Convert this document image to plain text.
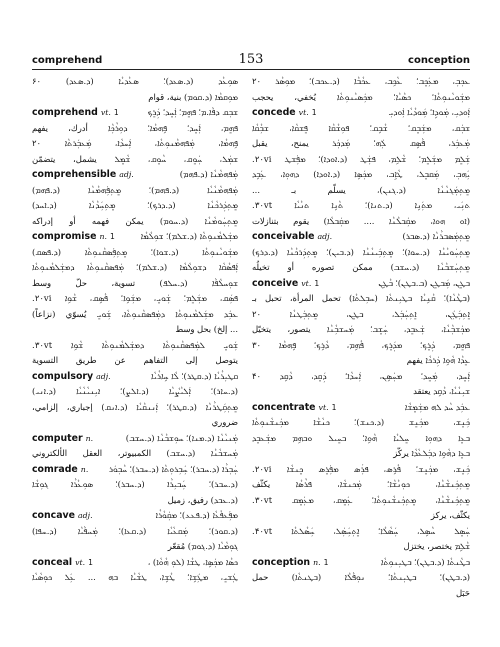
comprehend	153	conception
ܣܘܼܥܵܕ (ܕ.ܣܥܕ)؛ ܣܥܵܕܝܵܐ (ܕ.ܣܥܕ) ۶۰
ܡܘܼܩܡܵܐ (ܕ.ܩܘܡ) بنية، قوام
comprehend vt. 1	ܫܒܼܩ ܕܦܵܐ.ܡ؛ ܦܗܸܡ؛ ܐܲܚܸܕ؛ ܕܲܪܸܟ
ܦܗܸܡ، ܐܲܚܸܕ؛ ܦܹܗܡܵܐ؛ ܕܘܼܪܵܟܼܵܐ أدرك، يفهم
ܦܹܗܡܵܐ، ܡܲܦܗܡܵܢܘܼܬܵܐ، ܐܲܚܕܵܐ، ܡܲܥܒܲܪܬܵܐ ۲۰
ܫܡܲܠ، ܚܲܘܸܩ، ܚܵܘܸܩ، ܫܵܡܸܠ يشمل، يتضمّن
comprehensible adj.	ܡܲܦܗܡܵܢܵܐ (ܕ.ܦܗܡ)
ܡܲܦܗܡܵܢܵܝܵܐ (ܕ.ܦܗܡ)؛ ܡܸܬܼܦܲܗܡܵܢܵܐ (ܕ.ܦܗܡ)
ܡܸܬܼܕܲܪܟܵܢܵܐ (ܕ.ܕܪܟ)؛ ܡܸܬܼܚܲܕܵܢܵܐ (ܕ.ܐܚܕ)
ܡܸܬܼܚܲܘܡܵܢܵܐ (ܕ.ܚܘܡ) يمكن فهمه أو إدراكه
compromise n. 1	ܡܫܲܠܡܵܢܘܼܬܵܐ (ܕ.ܫܠܡ)؛ ܫܘܼܠܵܡܵܐ
ܡܫܲܘܝܵܢܘܼܬܵܐ (ܕ.ܫܘܐ)؛ ܡܸܬܼܦܲܣܩܵܢܘܼܬܵܐ (ܕ.ܦܣܩ)
ܐܲܦܣܵܩܵܐ ܕܫܘܼܠܵܡܵܐ (ܕ.ܫܠܡ)؛ ܡܲܦܣܩܵܢܘܼܬܵܐ ܕܡܫܲܠܡܵܢܘܼܬܵܐ
ܫܘܼܚܠܵܦܵܐ (ܕ.ܚܠܦ) تسوية، حلّ وسط
ܦܣܲܩ، ܡܫܲܠܸܡ؛ ܫܲܘܝܸ، ܡܫܲܘܹܐ؛ ܦܵܣܹܩ، ܫܵܘܹܐ ۲۰vi.
ܥܒܲܕ ܡܫܲܠܡܵܢܘܼܬܵܐ ܕܡܲܦܣܩܵܢܘܼܬܵܐ، ܫܲܘܝܸ يُسوّي (نزاعاً)
... إلخ) بحل وسط
ܫܲܘܝܸ ܠܡܲܦܣܩܵܢܘܼܬܵܐ ܕܡܫܲܠܡܵܢܘܼܬܵܐ ܫܵܘܹܐ ۳۰vt.
يتوصل إلى التفاهم عن طريق التسوية
compulsory adj.	ܩܛܝܼܪܵܝܵܐ (ܕ.ܩܛܪ)؛ ܠܵܐ ܚܹܐܪܵܝܵܐ
(ܕ.ܚܐܪ)؛ ܐܲܠܝܵܨܵܝܵܐ (ܕ.ܐܠܨ)؛ ܐܝܼܢܝܵܢܵܝܵܐ (ܕ.ܐܢܝ)
ܡܸܬܼܩܲܛܪܵܢܵܐ (ܕ.ܩܛܪ)؛ ܐܲܢܢܩܵܝܵܐ (ܕ.ܐܢܩ) إجباري، إلزامي،
ضروري
computer n.	ܡܲܢܝܵܢܵܐ (ܕ.ܡܢܐ)؛ ܚܘܼܫܒܵܢܵܐ (ܕ.ܚܫܒ)
ܡܲܚܫܒܵܢܵܐ (ܕ.ܚܫܒ) الكمبيوتر، العقل الألكتروني
comrade n.	ܚܲܒܼܪܵܐ (ܕ.ܚܒܪ)؛ ܚܲܒܼܪܘܼܬܵܐ (ܕ.ܚܒܪ)؛ ܚܵܒܼܘܿܪ
(ܕ.ܚܒܪ)؛ ܚܲܒܝܼܪܵܐ (ܕ.ܚܒܪ)؛ ܣܘܼܥܵܪܵܐ ܓܘܼܫܵܐ
(ܕ.ܥܒܕ) رفيق، زميل
concave adj.	ܡܦܲܥܦܵܥܵܐ (ܕ.ܦܥܥ)؛ ܡܩܲܘܵܪܵܐ
(ܕ.ܩܘܪ)؛ ܡܲܩܥܵܝܵܐ (ܕ.ܩܥܐ)؛ ܡܲܚܦܵܝܵܐ (ܕ.ܚܦܐ)
ܓܘܼܡܵܝܵܐ (ܕ.ܓܘܡ) مُقعّر
conceal vt. 1	ܟܣܵܐ ܡܟܲܣܹܐ، ܛܫܵܐ (ܠܘܼ ܗܵܘܵܐ) ،
ܛܲܫܝܸ، ܡܛܲܫܹܐ؛ ܛܵܫܹܐ، ܛܫܵܝܵܐ ܒܗ ... ܥܲܠ ܟܘܼܣܵܝܵܐ
ܥܟܼܒܼ، ܡܥܲܟܸܒ؛ ܥܵܟܹܒ، ܥܟܵܒܵܐ (ܕ.ܥܟܒ)؛ ܡܘܼܣܵܪ ۲۰
ܡܫܲܘܝܵܢܘܼܬܵܐ؛ ܟܣܵܝܵܐ؛ ܡܟܲܣܝܵܢܘܼܬܵܐ يُخفي، يحجب
concede vt. 1	ܐܲܘܕܝܼ، ܡܲܘܕܹܐ؛ ܡܲܘܕܵܝܵܐ ܐܲܘܕܝܼ
ܫܒܲܩ، ܡܫܲܒܸܩ؛ ܫܵܒܹܩ؛ ܦܘܼܫܵܩܵܐ ܦܸܫܩܵܐ، ܫܒܼܵܩܵܐ
ܡܲܥܒܲܪ، ܦܵܣܹܩ ܠܲܗ؛ ܡܲܕܟܲܪ يمنح، يقبل
ܫܲܠܸܡ ܡܫܲܠܸܡ؛ ܫܵܠܹܡ، ܦܫܲܛ (ܕ.ܐܘܕܐ)؛ ܡܦܲܫܛ ۲۰vi.
ܝܲܗܒܼ، ܡܲܩܒܸܠ، ܛܵܐܹܒ، ܡܟܲܣܹܐ (ܕ.ܐܘܕܐ) ܕܗܘܼܐ، ܥܲܒܹܕ
ܡܸܬܼܡܲܓܢܵܢܵܐ (ܕ.ܓܢܢ)، يسلّم بـ ...
ܬܢܲܝ، ܡܬܲܢܹܐ (ܕ.ܬܢܐ)؛ ܬܵܢܹܐ ܬܢܵܝܵܐ ۳۰vt.
(ܐܘ ܗܘܐ، ܡܩܲܒܠܵܢܵܐ .... ܡܩܲܒܠܵܐ) يقوم بتنازلات
conceivable adj.	ܡܸܬܼܡܲܣܒܪܵܢܵܐ (ܕ.ܣܒܪ)
ܡܸܬܼܚܲܘܝܵܢܵܐ (ܕ.ܚܘܐ)؛ ܡܸܬܼܒܲܝܢܵܢܵܐ (ܕ.ܒܝܢ)؛ ܡܸܬܼܕܲܪܟܵܢܵܐ (ܕ.ܕܪܟ)
ܡܸܬܼܚܲܫܒܵܢܵܐ (ܕ.ܚܫܒ) ممكن تصوره أو تخيلُه
conceive vt. 1	ܒܛܸܢ، ܡܲܒܛܸܢ (ܒ.ܒܛܢ)؛ ܒܵܛܹܢ
(ܒܛܵܢܵܐ)؛ ܩܵܢܹܝܵܐ ܒܛܝܼܢܬܵܐ (ܚܒܼܠܬܵܐ) تحمل المرأة، تحبل بـ
ܐܸܬܼܒܲܛܲܢ، ܐܸܬܼܚܲܒܲܠ، ܒܛܸܢ، ܡܸܬܼܒܲܛܢܵܐ ۲۰
ܡܟܲܫܒܼܵܢܵܐ، ܫܲܥܒܸܕ، ܚܲܫܸܒ؛ ܡܲܚܫܒܼܵܢܵܐ يتصور، يتخيّل
ܦܗܸܡ، ܕܲܪܸܟ؛ ܡܕܲܪܸܟ، ܦܵܗܹܡ، ܕܵܪܹܟ؛ ܦܹܗܡܵܐ ۳۰
ܥܸܕܵܐ ܗܵܘܹܐ ܕܲܪܟܵܐ يفهم
ܐܲܚܸܕ، ܡܲܚܸܕ؛ ܡܚܲܣܹܢ، ܐܲܚܕܵܐ؛ ܕܲܩܸܕ، ܕܵܩܹܕ ۴۰
ܫܝܼܢܵܝܵܐ، ܕܵܩܹܕ يعتقد
concentrate vt. 1	ܥܒܲܕ ܚܵܕ ܠܗ ܡܫܲܡܸܫܵܐ
ܟܲܢܸܫ، ܡܟܲܢܸܫ (ܕ.ܟܢܫ)؛ ܟܢܵܫܵܐ ܡܟܲܢܫܵܢܘܼܬܵܐ
ܒܥܸܐ ܕܗܘܼܐ ܚܸܠܝܵܐ ܗܵܘܹܐ؛ ܒܚܸܝܠ ܘܒܗܹܡ ܡܫܲܥܒܸܕ
ܒܥܸܐ ܕܗܵܘܹܐ ܕܒܲܠܥܵܕܵܐ يركّز
ܟܲܢܸܫ، ܡܟܲܢܸܫ؛ ܦܵܪܹܣ، ܦܪܲܣ ܡܦܲܪܸܣ ܟܸܢܫܵܐ ۲۰vi.
ܡܸܬܼܟܲܢܫܵܢܵܐ، ܟܘܼܢܵܫܵܐ؛ ܡܲܟܢܫܵܐ، ܦܪܵܣܵܐ يكثّف
ܡܸܬܼܟܲܢܫܵܢܵܐ، ܡܸܬܼܟܲܢܫܵܢܘܼܬܵܐ؛ ܥܲܡܸܩ، ܡܥܲܡܸܩ ۳۰vt.
يكثّف، يركز
ܚܲܣܸܠ ܚܵܣܹܠ، ܚܲܣܵܠܵܐ؛ ܐܸܬܼܚܲܣܲܠ، ܚܲܣܵܠܬܵܐ ۴۰vt.
ܫܵܠܹܡ يختصر، يختزل
conception n. 1	ܒܛܵܢܬܵܐ (ܕ.ܒܛܢ)؛ ܒܛܝܼܢܘܼܬܵܐ
(ܕ.ܒܛܢ)؛ ܒܛܝܼܢܬܵܐ؛ ܢܘܼܦܵܠܵܐ (ܒܛܢܬܵܐ) حمل
حَبَل
